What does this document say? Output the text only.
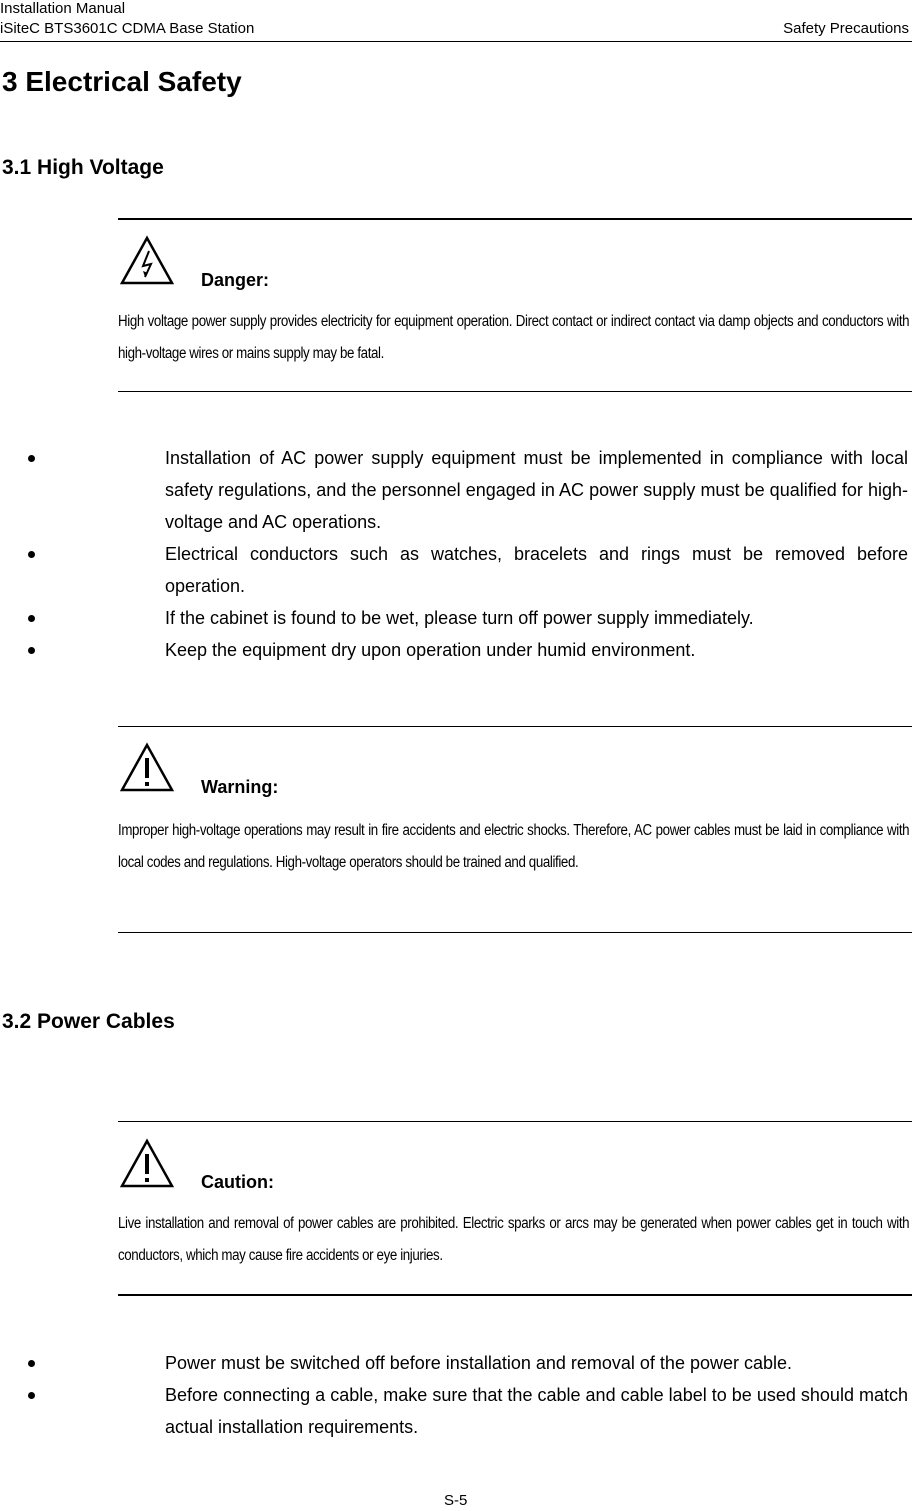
Installation Manual
iSiteC BTS3601C CDMA Base Station	Safety Precautions
3 Electrical Safety
3.1 High Voltage
Danger:
High voltage power supply provides electricity for equipment operation. Direct contact or indirect contact via damp objects and conductors with high-voltage wires or mains supply may be fatal.
Installation of AC power supply equipment must be implemented in compliance with local safety regulations, and the personnel engaged in AC power supply must be qualified for high-voltage and AC operations.
Electrical conductors such as watches, bracelets and rings must be removed before operation.
If the cabinet is found to be wet, please turn off power supply immediately.
Keep the equipment dry upon operation under humid environment.
Warning:
Improper high-voltage operations may result in fire accidents and electric shocks. Therefore, AC power cables must be laid in compliance with local codes and regulations. High-voltage operators should be trained and qualified.
3.2 Power Cables
Caution:
Live installation and removal of power cables are prohibited. Electric sparks or arcs may be generated when power cables get in touch with conductors, which may cause fire accidents or eye injuries.
Power must be switched off before installation and removal of the power cable.
Before connecting a cable, make sure that the cable and cable label to be used should match actual installation requirements.
S-5
